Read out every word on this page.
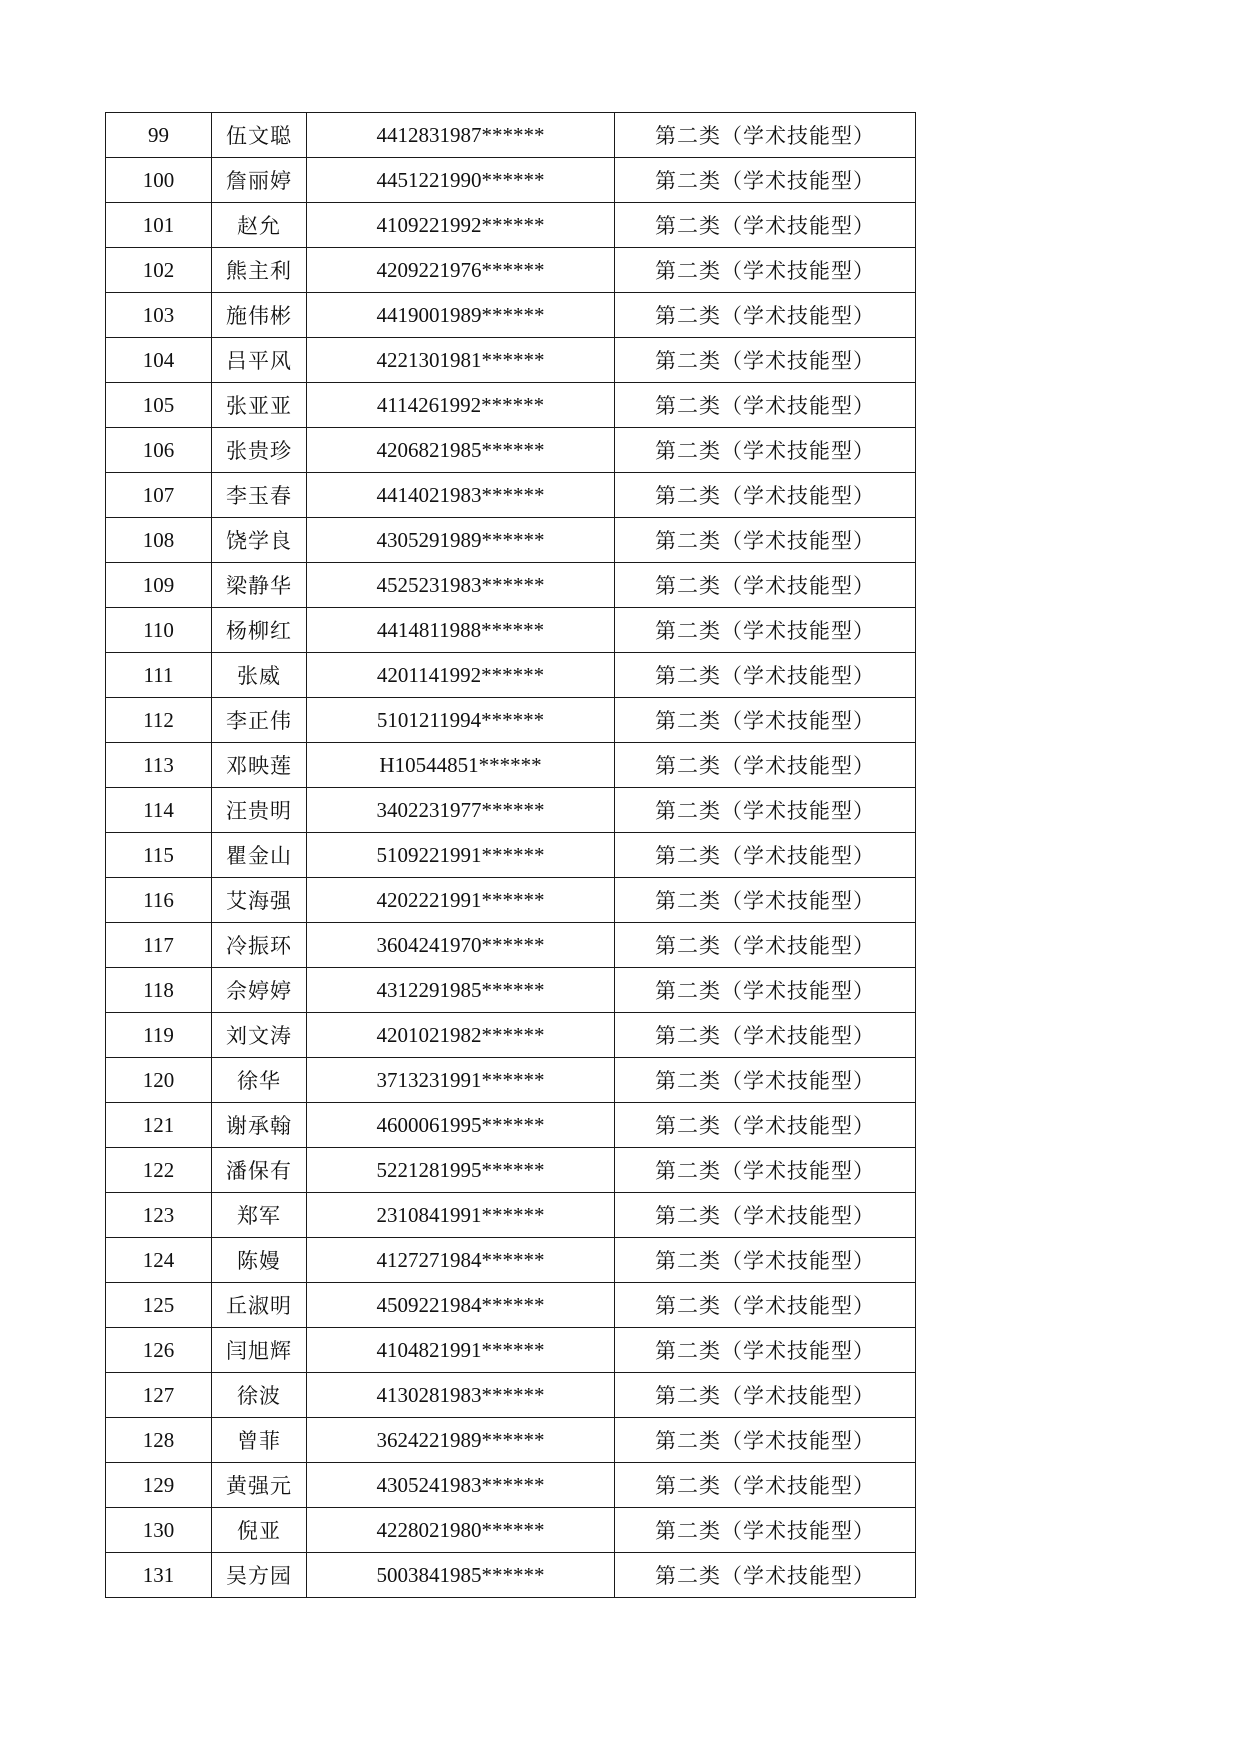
99	伍文聪	4412831987******	第二类（学术技能型）
100	詹丽婷	4451221990******	第二类（学术技能型）
101	赵允	4109221992******	第二类（学术技能型）
102	熊主利	4209221976******	第二类（学术技能型）
103	施伟彬	4419001989******	第二类（学术技能型）
104	吕平风	4221301981******	第二类（学术技能型）
105	张亚亚	4114261992******	第二类（学术技能型）
106	张贵珍	4206821985******	第二类（学术技能型）
107	李玉春	4414021983******	第二类（学术技能型）
108	饶学良	4305291989******	第二类（学术技能型）
109	梁静华	4525231983******	第二类（学术技能型）
110	杨柳红	4414811988******	第二类（学术技能型）
111	张威	4201141992******	第二类（学术技能型）
112	李正伟	5101211994******	第二类（学术技能型）
113	邓映莲	H10544851******	第二类（学术技能型）
114	汪贵明	3402231977******	第二类（学术技能型）
115	瞿金山	5109221991******	第二类（学术技能型）
116	艾海强	4202221991******	第二类（学术技能型）
117	冷振环	3604241970******	第二类（学术技能型）
118	佘婷婷	4312291985******	第二类（学术技能型）
119	刘文涛	4201021982******	第二类（学术技能型）
120	徐华	3713231991******	第二类（学术技能型）
121	谢承翰	4600061995******	第二类（学术技能型）
122	潘保有	5221281995******	第二类（学术技能型）
123	郑军	2310841991******	第二类（学术技能型）
124	陈嫚	4127271984******	第二类（学术技能型）
125	丘淑明	4509221984******	第二类（学术技能型）
126	闫旭辉	4104821991******	第二类（学术技能型）
127	徐波	4130281983******	第二类（学术技能型）
128	曾菲	3624221989******	第二类（学术技能型）
129	黄强元	4305241983******	第二类（学术技能型）
130	倪亚	4228021980******	第二类（学术技能型）
131	吴方园	5003841985******	第二类（学术技能型）
